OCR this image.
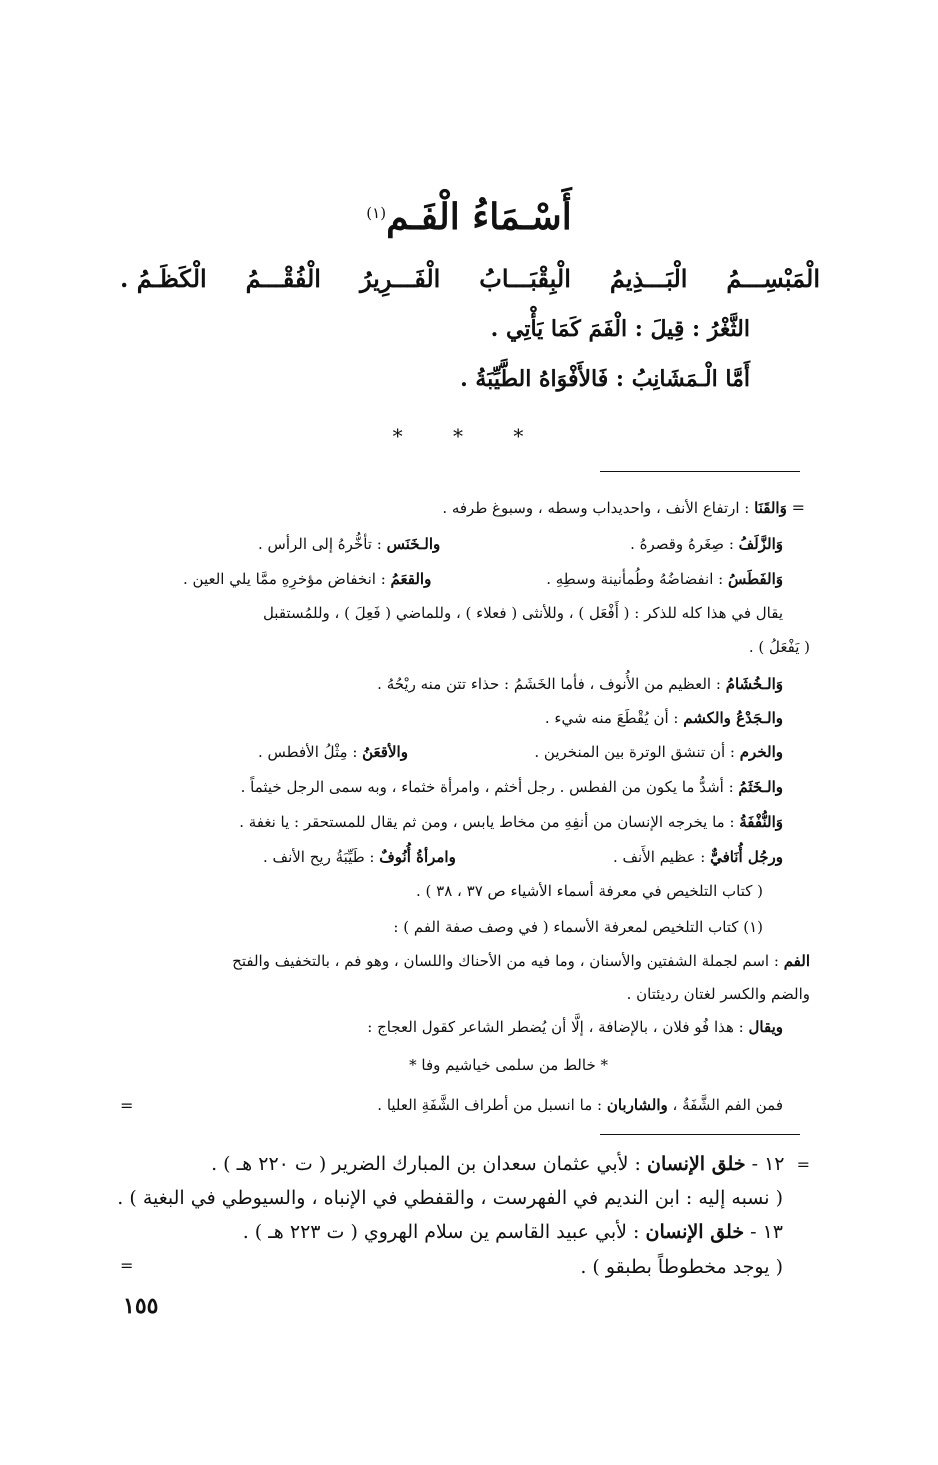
أَسْـمَاءُ الْفَـم$^{(١)}$
الْمَبْسِـــمُ
الْبَـــذِيمُ
الْبِقْبَـــابُ
الْفَـــرِيرُ
الْفُقْـــمُ
الْكَظَـمُ .
الثَّغْرُ : قِيلَ : الْفَمَ كَمَا يَأْتِي .
أَمَّا الْـمَشَانِبُ : فَالأَفْوَاهُ الطَّيِّبَةُ .
* * *
= وَالقَنَا : ارتفاع الأنف ، واحديداب وسطه ، وسبوغ طرفه .
وَالزَّلَفُ : صِغَرهُ وقصرهُ .
والـخَنَس : تأخُّرهُ إلى الرأس .
وَالفَطَسُ : انفضاضُهُ وطُمأنينة وسطِهِ .
والقعَمُ : انخفاض مؤخرِهِ ممَّا يلي العين .
يقال في هذا كله للذكر : ( أَفْعَل ) ، وللأنثى ( فعلاء ) ، وللماضي ( فَعِلَ ) ، وللمُستقبل
( يَفْعَلُ ) .
وَالـخُشَامُ : العظيم من الأُنوف ، فأما الخَشَمُ : حذاء تتن منه ريْحُهُ .
والـجَدْعُ والكشم : أن يُقْطَعَ منه شيء .
والخرم : أن تنشق الوترة بين المنخرين .
والأقعَنُ : مِثْلُ الأفطس .
والـخَثَمُ : أشدُّ ما يكون من الفطس . رجل أخثم ، وامرأة خثماء ، وبه سمى الرجل خيثماً .
وَالنُّفْفَةُ : ما يخرجه الإنسان من أنفِهِ من مخاط يابس ، ومن ثم يقال للمستحقر : يا نغفة .
ورجُل أُنَافيٌّ : عظيم الأَنف .
وامرأةُ أُنُوفٌ : طَيِّبَةُ ريح الأنف .
( كتاب التلخيص في معرفة أسماء الأشياء ص ٣٧ ، ٣٨ ) .
(١) كتاب التلخيص لمعرفة الأسماء ( في وصف صفة الفم ) :
الفم : اسم لجملة الشفتين والأسنان ، وما فيه من الأحناك واللسان ، وهو فم ، بالتخفيف والفتح
والضم والكسر لغتان رديئتان .
ويقال : هذا فُو فلان ، بالإضافة ، إلَّا أن يُضطر الشاعر كقول العجاج :
* خالط من سلمى خياشيم وفا *
فمن الفم الشَّفَةُ ، والشاربان : ما انسبل من أطراف الشَّفَةِ العليا .
=
=  ١٢ - خلق الإنسان : لأبي عثمان سعدان بن المبارك الضرير ( ت ٢٢٠ هـ ) .
( نسبه إليه : ابن النديم في الفهرست ، والقفطي في الإنباه ، والسيوطي في البغية ) .
١٣ - خلق الإنسان : لأبي عبيد القاسم ين سلام الهروي ( ت ٢٢٣ هـ ) .
( يوجد مخطوطاً بطبقو ) .
=
١٥٥
